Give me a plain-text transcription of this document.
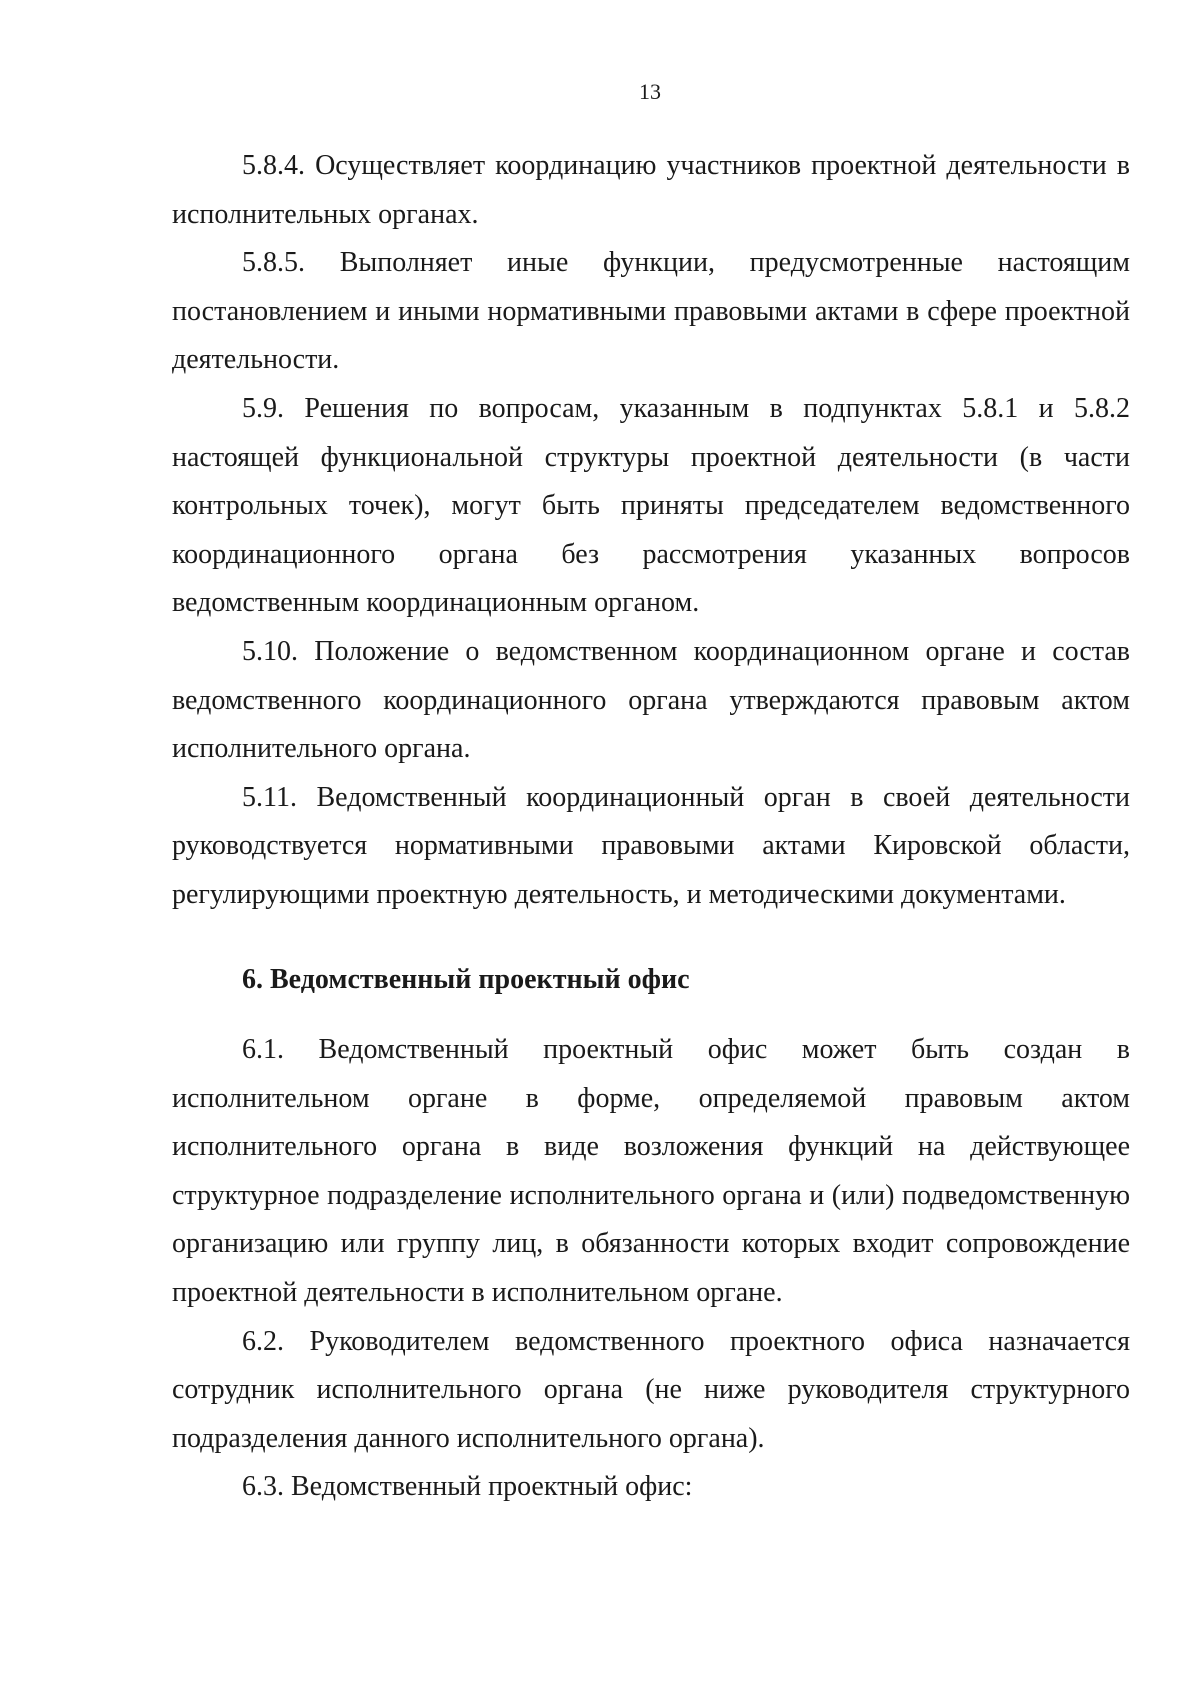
13

5.8.4. Осуществляет координацию участников проектной деятельности в исполнительных органах.

5.8.5. Выполняет иные функции, предусмотренные настоящим постановлением и иными нормативными правовыми актами в сфере проектной деятельности.

5.9. Решения по вопросам, указанным в подпунктах 5.8.1 и 5.8.2 настоящей функциональной структуры проектной деятельности (в части контрольных точек), могут быть приняты председателем ведомственного координационного органа без рассмотрения указанных вопросов ведомственным координационным органом.

5.10. Положение о ведомственном координационном органе и состав ведомственного координационного органа утверждаются правовым актом исполнительного органа.

5.11. Ведомственный координационный орган в своей деятельности руководствуется нормативными правовыми актами Кировской области, регулирующими проектную деятельность, и методическими документами.

6. Ведомственный проектный офис

6.1. Ведомственный проектный офис может быть создан в исполнительном органе в форме, определяемой правовым актом исполнительного органа в виде возложения функций на действующее структурное подразделение исполнительного органа и (или) подведомственную организацию или группу лиц, в обязанности которых входит сопровождение проектной деятельности в исполнительном органе.

6.2. Руководителем ведомственного проектного офиса назначается сотрудник исполнительного органа (не ниже руководителя структурного подразделения данного исполнительного органа).

6.3. Ведомственный проектный офис:
